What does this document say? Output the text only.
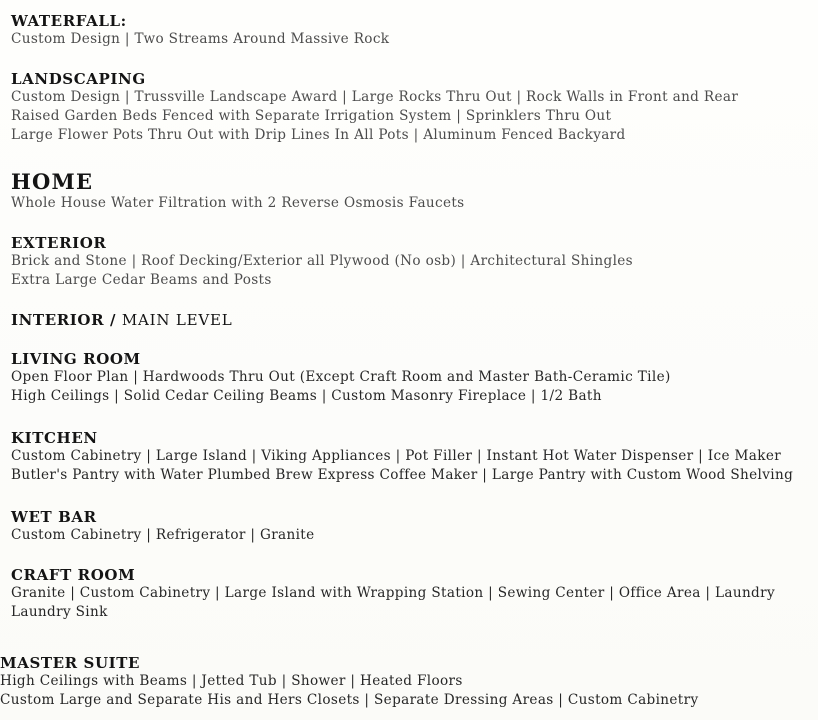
WATERFALL:
Custom Design | Two Streams Around Massive Rock
LANDSCAPING
Custom Design | Trussville Landscape Award | Large Rocks Thru Out | Rock Walls in Front and Rear
Raised Garden Beds Fenced with Separate Irrigation System | Sprinklers Thru Out
Large Flower Pots Thru Out with Drip Lines In All Pots | Aluminum Fenced Backyard
HOME
Whole House Water Filtration with 2 Reverse Osmosis Faucets
EXTERIOR
Brick and Stone | Roof Decking/Exterior all Plywood (No osb) | Architectural Shingles
Extra Large Cedar Beams and Posts
INTERIOR / MAIN LEVEL
LIVING ROOM
Open Floor Plan | Hardwoods Thru Out (Except Craft Room and Master Bath-Ceramic Tile)
High Ceilings | Solid Cedar Ceiling Beams | Custom Masonry Fireplace | 1/2 Bath
KITCHEN
Custom Cabinetry | Large Island | Viking Appliances | Pot Filler | Instant Hot Water Dispenser | Ice Maker
Butler's Pantry with Water Plumbed Brew Express Coffee Maker | Large Pantry with Custom Wood Shelving
WET BAR
Custom Cabinetry | Refrigerator | Granite
CRAFT ROOM
Granite | Custom Cabinetry | Large Island with Wrapping Station | Sewing Center | Office Area | Laundry
Laundry Sink
MASTER SUITE
High Ceilings with Beams | Jetted Tub | Shower | Heated Floors
Custom Large and Separate His and Hers Closets | Separate Dressing Areas | Custom Cabinetry
